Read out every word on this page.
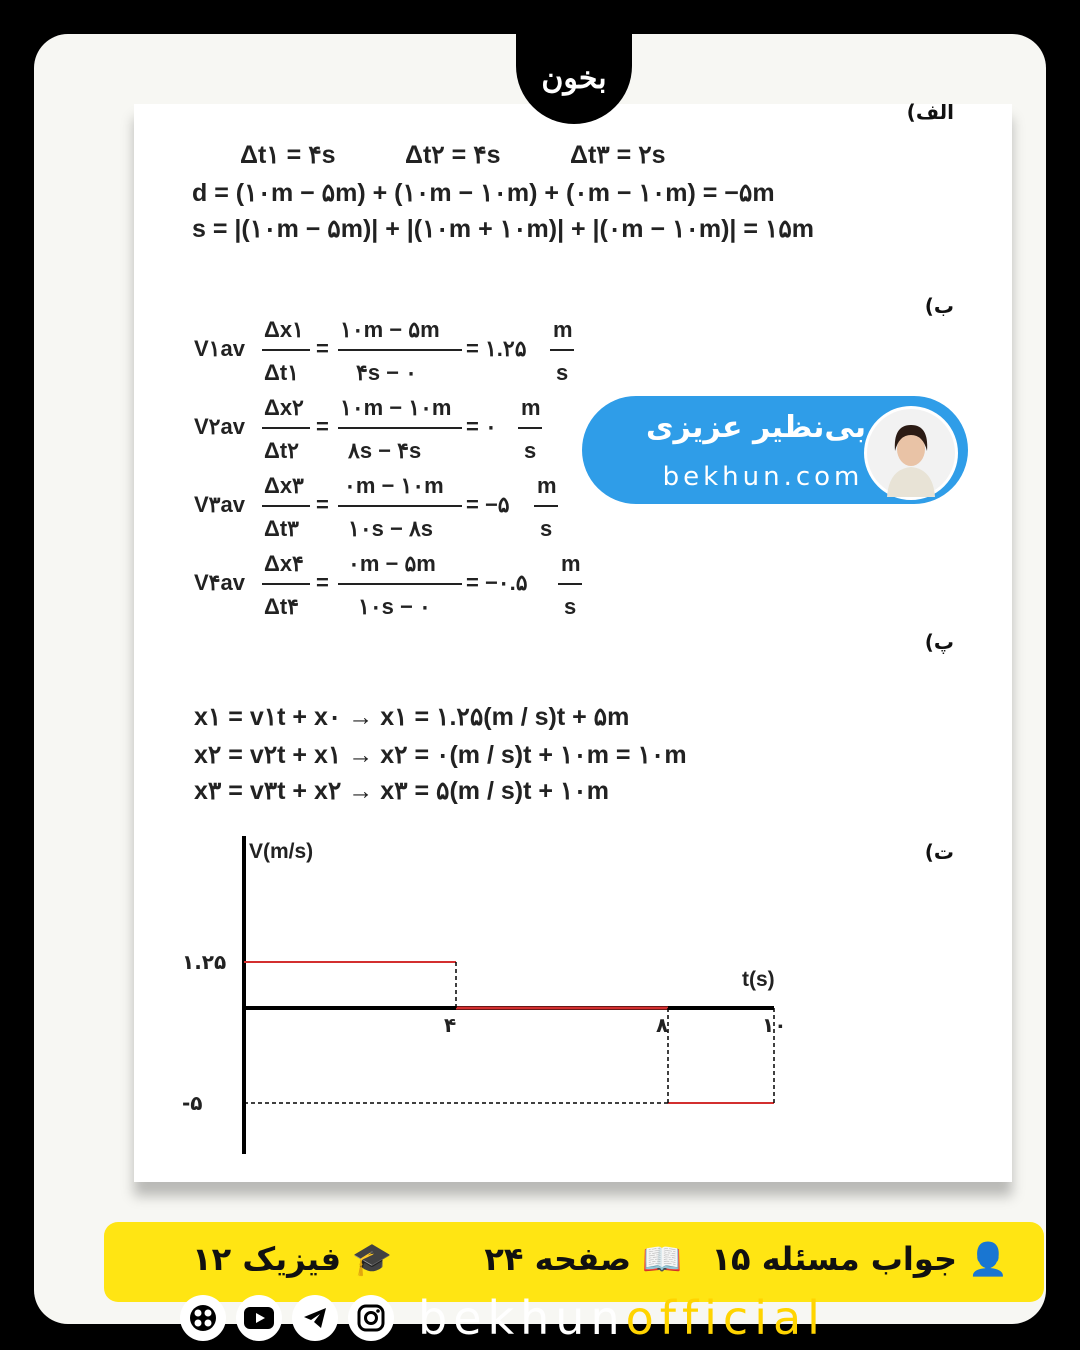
الف)
Δt۱ = ۴s          Δt۲ = ۴s          Δt۳ = ۲s
d = (۱۰m − ۵m) + (۱۰m − ۱۰m) + (۰m − ۱۰m) = −۵m
s = |(۱۰m − ۵m)| + |(۱۰m + ۱۰m)| + |(۰m − ۱۰m)| = ۱۵m
ب)
V۱av
Δx۱
Δt۱
=
۱۰m − ۵m
۴s − ۰
= ۱.۲۵
m
s
V۲av
Δx۲
Δt۲
=
۱۰m − ۱۰m
۸s − ۴s
= ۰
m
s
V۳av
Δx۳
Δt۳
=
۰m − ۱۰m
۱۰s − ۸s
= −۵
m
s
V۴av
Δx۴
Δt۴
=
۰m − ۵m
۱۰s − ۰
= −۰.۵
m
s
پ)
x۱ = v۱t + x۰ → x۱ = ۱.۲۵(m / s)t + ۵m
x۲ = v۲t + x۱ → x۲ = ۰(m / s)t + ۱۰m = ۱۰m
x۳ = v۳t + x۲ → x۳ = ۵(m / s)t + ۱۰m
ت)
V(m/s)
t(s)
۴	۸	۱۰
۱.۲۵
-۵
بخون
بی‌نظیر عزیزی
bekhun.com
👤 جواب مسئله ۱۵
📖 صفحه ۲۴
🎓 فیزیک ۱۲
bekhunofficial
